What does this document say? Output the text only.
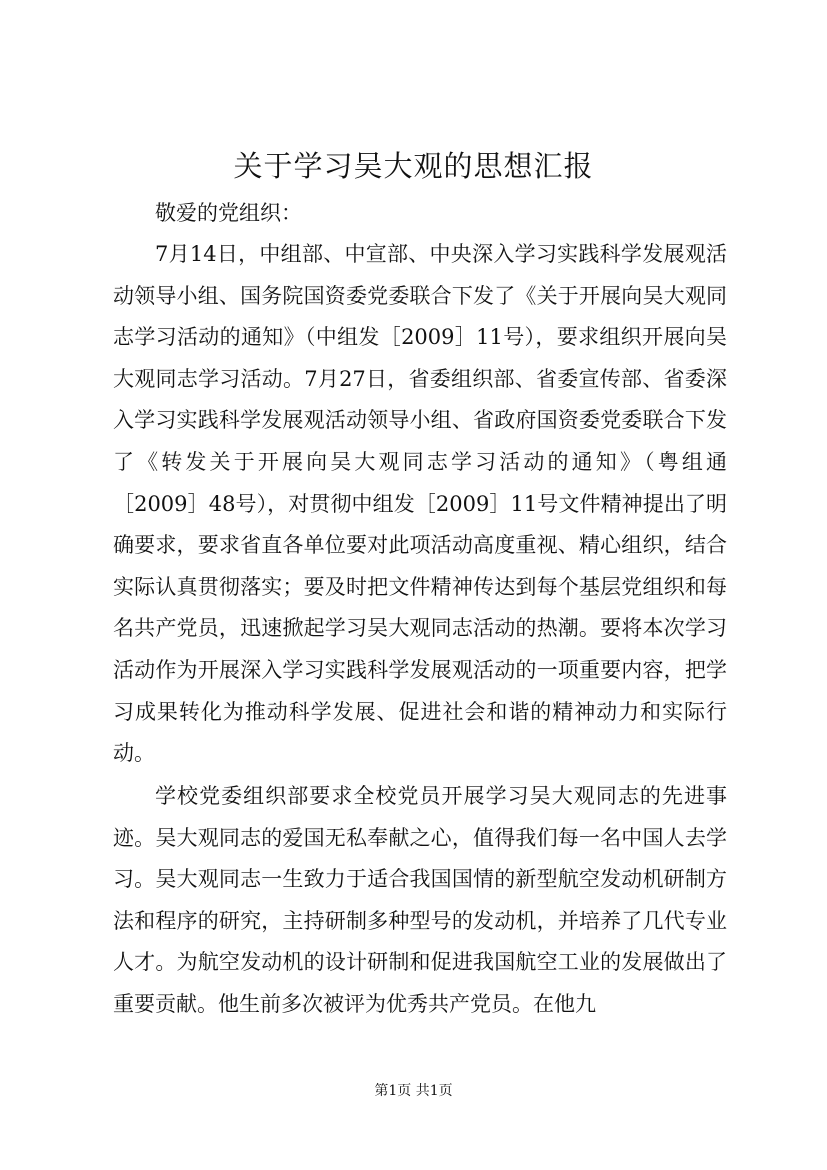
关于学习吴大观的思想汇报

敬爱的党组织：

7月14日，中组部、中宣部、中央深入学习实践科学发展观活动领导小组、国务院国资委党委联合下发了《关于开展向吴大观同志学习活动的通知》（中组发［2009］11号），要求组织开展向吴大观同志学习活动。7月27日，省委组织部、省委宣传部、省委深入学习实践科学发展观活动领导小组、省政府国资委党委联合下发了《转发关于开展向吴大观同志学习活动的通知》（粤组通［2009］48号），对贯彻中组发［2009］11号文件精神提出了明确要求，要求省直各单位要对此项活动高度重视、精心组织，结合实际认真贯彻落实；要及时把文件精神传达到每个基层党组织和每名共产党员，迅速掀起学习吴大观同志活动的热潮。要将本次学习活动作为开展深入学习实践科学发展观活动的一项重要内容，把学习成果转化为推动科学发展、促进社会和谐的精神动力和实际行动。

学校党委组织部要求全校党员开展学习吴大观同志的先进事迹。吴大观同志的爱国无私奉献之心，值得我们每一名中国人去学习。吴大观同志一生致力于适合我国国情的新型航空发动机研制方法和程序的研究，主持研制多种型号的发动机，并培养了几代专业人才。为航空发动机的设计研制和促进我国航空工业的发展做出了重要贡献。他生前多次被评为优秀共产党员。在他九

第1页 共1页
